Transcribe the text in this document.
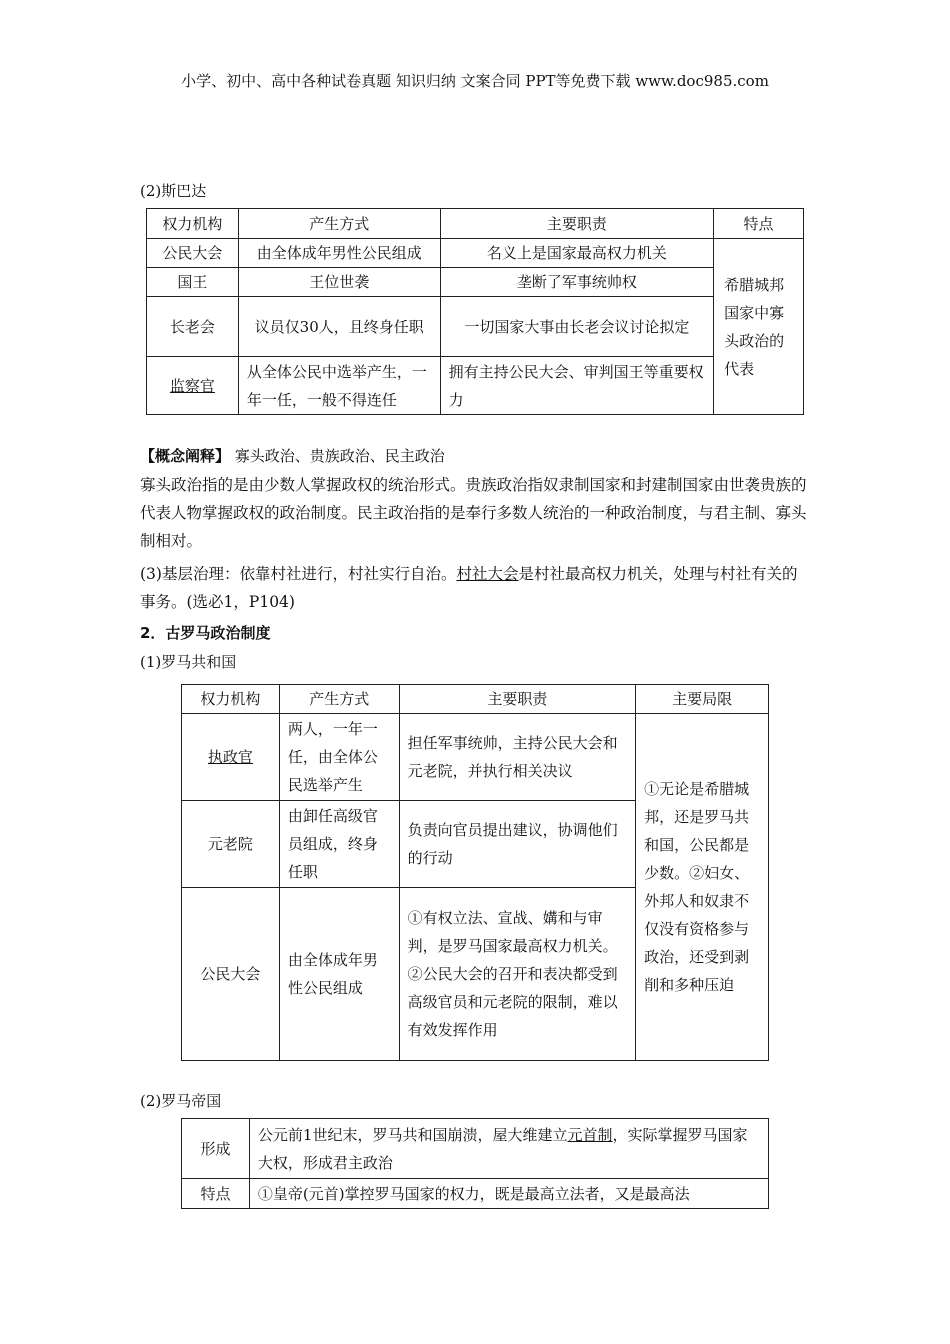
小学、初中、高中各种试卷真题 知识归纳 文案合同 PPT等免费下载 www.doc985.com
(2)斯巴达
权力机构	产生方式	主要职责	特点
公民大会	由全体成年男性公民组成	名义上是国家最高权力机关	希腊城邦国家中寡头政治的代表
国王	王位世袭	垄断了军事统帅权	
长老会	议员仅30人，且终身任职	一切国家大事由长老会议讨论拟定	
监察官	从全体公民中选举产生，一年一任，一般不得连任	拥有主持公民大会、审判国王等重要权力	
【概念阐释】 寡头政治、贵族政治、民主政治
寡头政治指的是由少数人掌握政权的统治形式。贵族政治指奴隶制国家和封建制国家由世袭贵族的代表人物掌握政权的政治制度。民主政治指的是奉行多数人统治的一种政治制度，与君主制、寡头制相对。
(3)基层治理：依靠村社进行，村社实行自治。村社大会是村社最高权力机关，处理与村社有关的事务。(选必1，P104)
2．古罗马政治制度
(1)罗马共和国
权力机构	产生方式	主要职责	主要局限
执政官	两人，一年一任，由全体公民选举产生	担任军事统帅，主持公民大会和元老院，并执行相关决议	①无论是希腊城邦，还是罗马共和国，公民都是少数。②妇女、外邦人和奴隶不仅没有资格参与政治，还受到剥削和多种压迫
元老院	由卸任高级官员组成，终身任职	负责向官员提出建议，协调他们的行动	
公民大会	由全体成年男性公民组成	①有权立法、宣战、媾和与审判，是罗马国家最高权力机关。②公民大会的召开和表决都受到高级官员和元老院的限制，难以有效发挥作用	
(2)罗马帝国
形成	公元前1世纪末，罗马共和国崩溃，屋大维建立元首制，实际掌握罗马国家大权，形成君主政治
特点	①皇帝(元首)掌控罗马国家的权力，既是最高立法者，又是最高法
